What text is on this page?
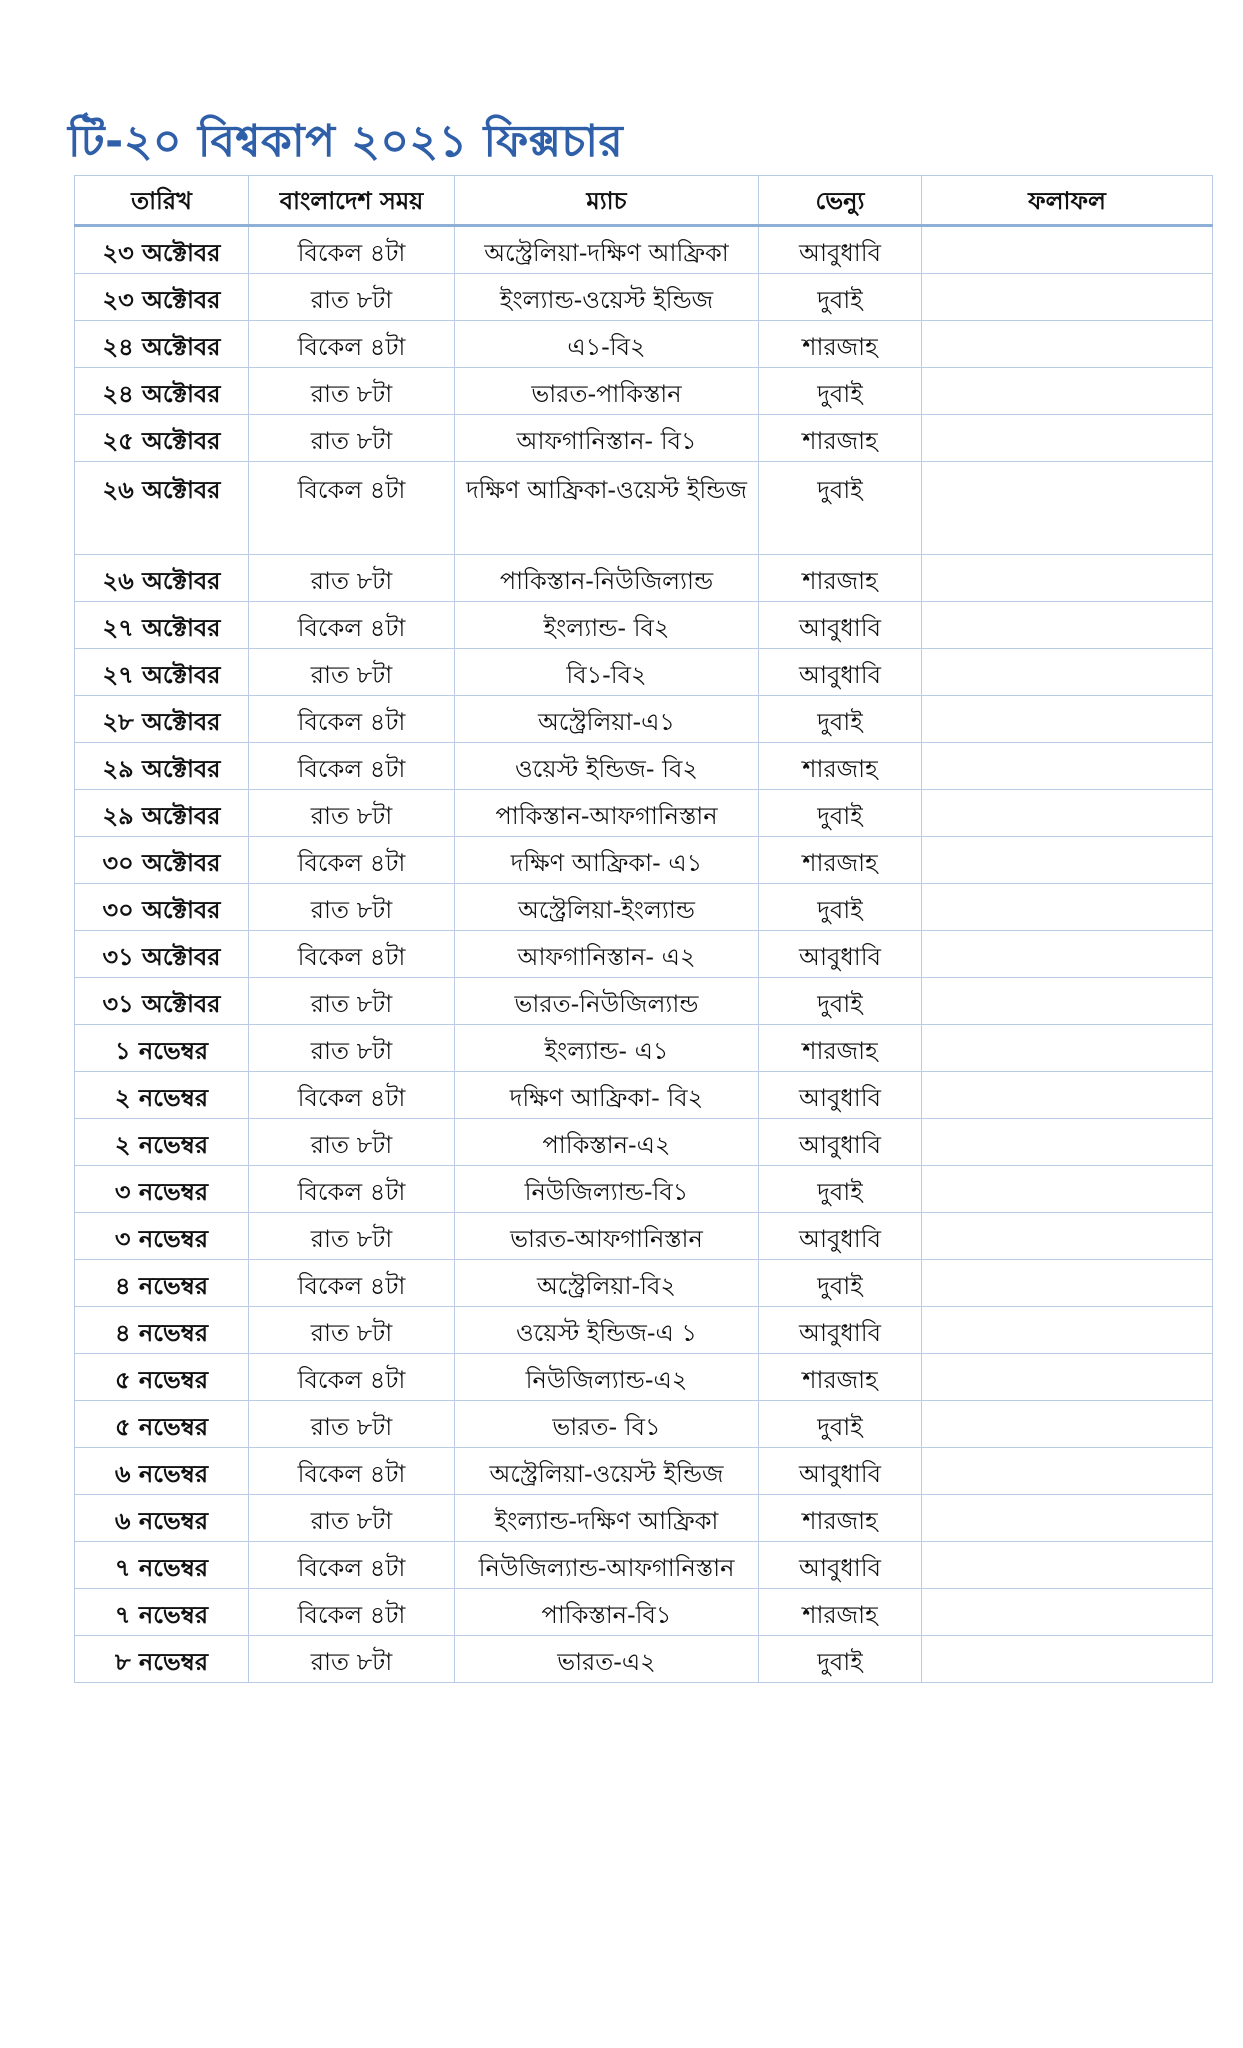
টি-২০ বিশ্বকাপ ২০২১ ফিক্সচার
তারিখ	বাংলাদেশ সময়	ম্যাচ	ভেন্যু	ফলাফল
২৩ অক্টোবর	বিকেল ৪টা	অস্ট্রেলিয়া-দক্ষিণ আফ্রিকা	আবুধাবি	
২৩ অক্টোবর	রাত ৮টা	ইংল্যান্ড-ওয়েস্ট ইন্ডিজ	দুবাই	
২৪ অক্টোবর	বিকেল ৪টা	এ১-বি২	শারজাহ	
২৪ অক্টোবর	রাত ৮টা	ভারত-পাকিস্তান	দুবাই	
২৫ অক্টোবর	রাত ৮টা	আফগানিস্তান- বি১	শারজাহ	
২৬ অক্টোবর	বিকেল ৪টা	দক্ষিণ আফ্রিকা-ওয়েস্ট ইন্ডিজ	দুবাই	
২৬ অক্টোবর	রাত ৮টা	পাকিস্তান-নিউজিল্যান্ড	শারজাহ	
২৭ অক্টোবর	বিকেল ৪টা	ইংল্যান্ড- বি২	আবুধাবি	
২৭ অক্টোবর	রাত ৮টা	বি১-বি২	আবুধাবি	
২৮ অক্টোবর	বিকেল ৪টা	অস্ট্রেলিয়া-এ১	দুবাই	
২৯ অক্টোবর	বিকেল ৪টা	ওয়েস্ট ইন্ডিজ- বি২	শারজাহ	
২৯ অক্টোবর	রাত ৮টা	পাকিস্তান-আফগানিস্তান	দুবাই	
৩০ অক্টোবর	বিকেল ৪টা	দক্ষিণ আফ্রিকা- এ১	শারজাহ	
৩০ অক্টোবর	রাত ৮টা	অস্ট্রেলিয়া-ইংল্যান্ড	দুবাই	
৩১ অক্টোবর	বিকেল ৪টা	আফগানিস্তান- এ২	আবুধাবি	
৩১ অক্টোবর	রাত ৮টা	ভারত-নিউজিল্যান্ড	দুবাই	
১ নভেম্বর	রাত ৮টা	ইংল্যান্ড- এ১	শারজাহ	
২ নভেম্বর	বিকেল ৪টা	দক্ষিণ আফ্রিকা- বি২	আবুধাবি	
২ নভেম্বর	রাত ৮টা	পাকিস্তান-এ২	আবুধাবি	
৩ নভেম্বর	বিকেল ৪টা	নিউজিল্যান্ড-বি১	দুবাই	
৩ নভেম্বর	রাত ৮টা	ভারত-আফগানিস্তান	আবুধাবি	
৪ নভেম্বর	বিকেল ৪টা	অস্ট্রেলিয়া-বি২	দুবাই	
৪ নভেম্বর	রাত ৮টা	ওয়েস্ট ইন্ডিজ-এ ১	আবুধাবি	
৫ নভেম্বর	বিকেল ৪টা	নিউজিল্যান্ড-এ২	শারজাহ	
৫ নভেম্বর	রাত ৮টা	ভারত- বি১	দুবাই	
৬ নভেম্বর	বিকেল ৪টা	অস্ট্রেলিয়া-ওয়েস্ট ইন্ডিজ	আবুধাবি	
৬ নভেম্বর	রাত ৮টা	ইংল্যান্ড-দক্ষিণ আফ্রিকা	শারজাহ	
৭ নভেম্বর	বিকেল ৪টা	নিউজিল্যান্ড-আফগানিস্তান	আবুধাবি	
৭ নভেম্বর	বিকেল ৪টা	পাকিস্তান-বি১	শারজাহ	
৮ নভেম্বর	রাত ৮টা	ভারত-এ২	দুবাই	
